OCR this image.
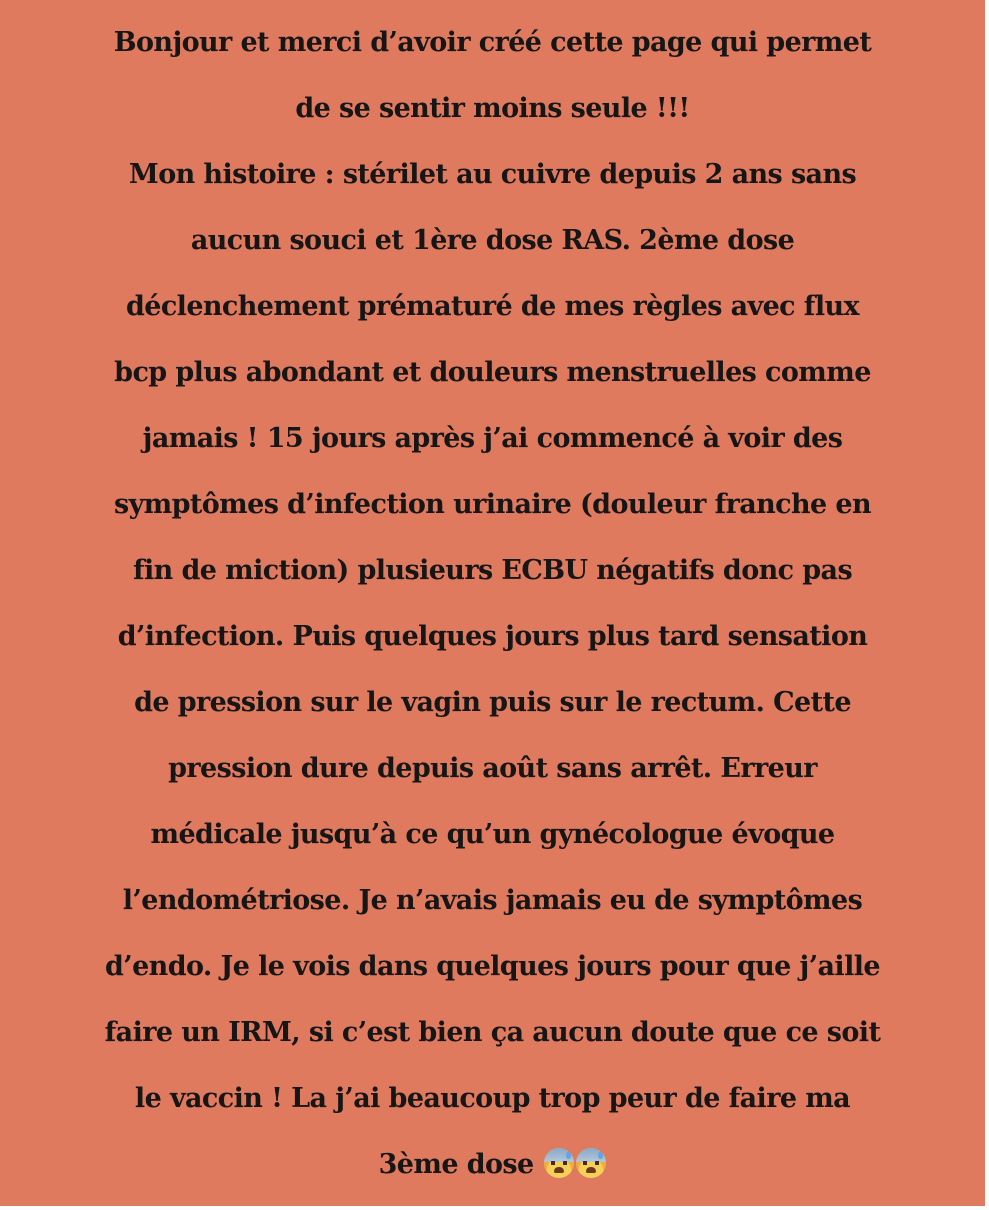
Bonjour et merci d’avoir créé cette page qui permet
de se sentir moins seule !!!
Mon histoire : stérilet au cuivre depuis 2 ans sans
aucun souci et 1ère dose RAS. 2ème dose
déclenchement prématuré de mes règles avec flux
bcp plus abondant et douleurs menstruelles comme
jamais ! 15 jours après j’ai commencé à voir des
symptômes d’infection urinaire (douleur franche en
fin de miction) plusieurs ECBU négatifs donc pas
d’infection. Puis quelques jours plus tard sensation
de pression sur le vagin puis sur le rectum. Cette
pression dure depuis août sans arrêt. Erreur
médicale jusqu’à ce qu’un gynécologue évoque
l’endométriose. Je n’avais jamais eu de symptômes
d’endo. Je le vois dans quelques jours pour que j’aille
faire un IRM, si c’est bien ça aucun doute que ce soit
le vaccin ! La j’ai beaucoup trop peur de faire ma
3ème dose
